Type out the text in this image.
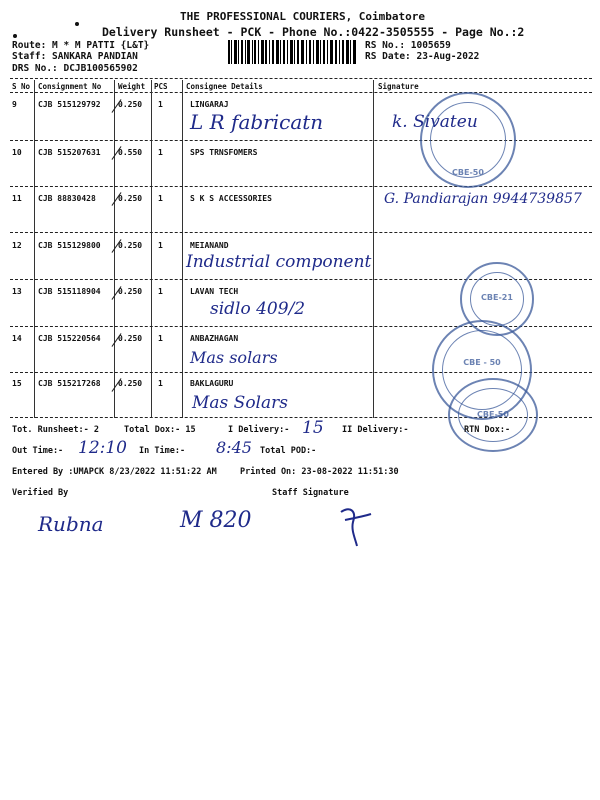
THE PROFESSIONAL COURIERS, Coimbatore
Delivery Runsheet - PCK - Phone No.:0422-3505555 - Page No.:2
Route: M * M PATTI {L&T}
Staff: SANKARA PANDIAN
DRS No.: DCJB100565902
RS No.: 1005659
RS Date: 23-Aug-2022
S No Consignment No Weight PCS Consignee Details	Signature
9	CJB 515129792 0.250 1	LINGARAJ
L R fabricatn	k. Sivateu
10 CJB 515207631 0.550 1	SPS TRNSFOMERS
11 CJB 88830428	0.250 1	S K S ACCESSORIES	G. Pandiarajan 9944739857
12 CJB 515129800 0.250 1	MEIANAND
Industrial component
13 CJB 515118904 0.250 1	LAVAN TECH
sidlo 409/2
14 CJB 515220564 0.250 1	ANBAZHAGAN
Mas solars
15 CJB 515217268 0.250 1	BAKLAGURU
Mas Solars
CBE-50
CBE-21
CBE - 50
CBE-50
Tot. Runsheet:- 2	Total Dox:- 15	I Delivery:- 15 II Delivery:-	RTN Dox:-
Out Time:- 12:10 In Time:- 8:45 Total POD:-
Entered By :UMAPCK 8/23/2022 11:51:22 AM	Printed On: 23-08-2022 11:51:30
Verified By	Staff Signature
Rubna	M 820
